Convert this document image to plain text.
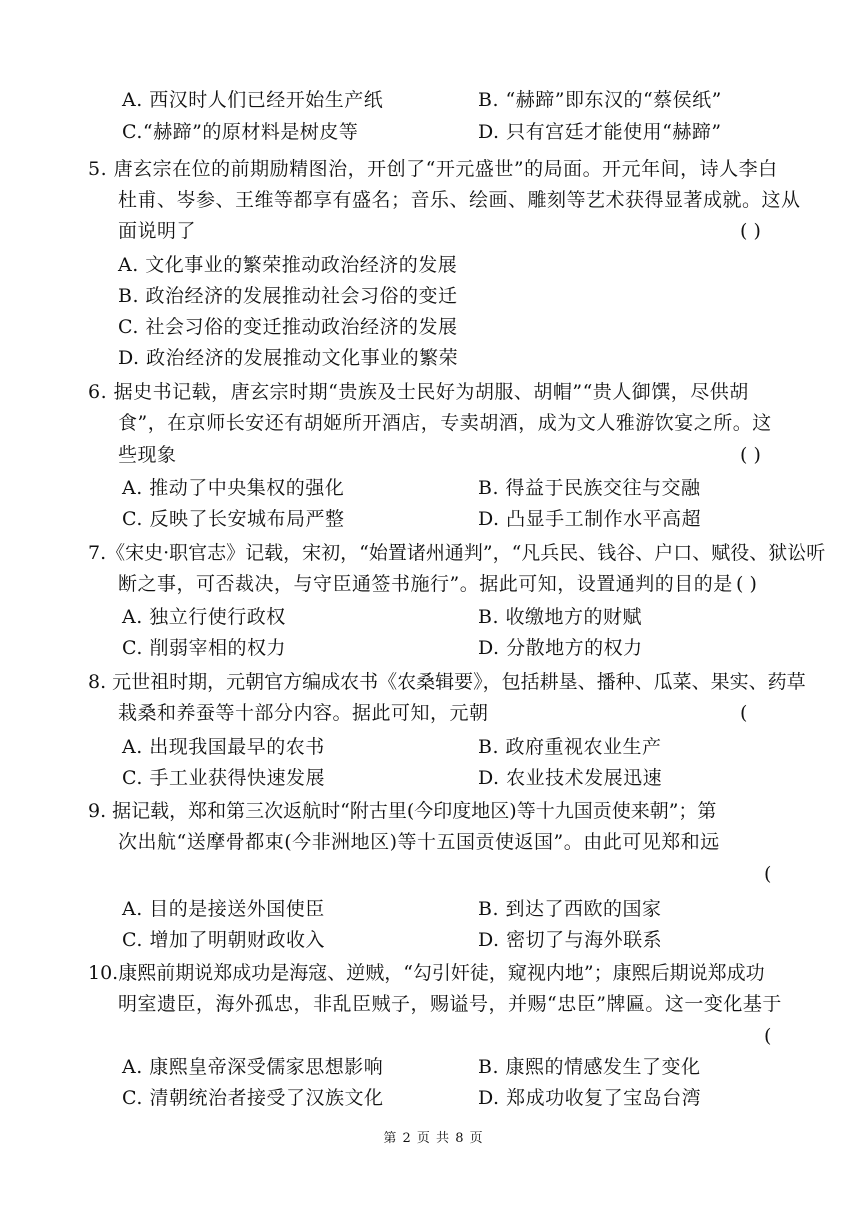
A. 西汉时人们已经开始生产纸	B. “赫蹄”即东汉的“蔡侯纸”
C.“赫蹄”的原材料是树皮等	D. 只有宫廷才能使用“赫蹄”
5. 唐玄宗在位的前期励精图治，开创了“开元盛世”的局面。开元年间，诗人李白
杜甫、岑参、王维等都享有盛名；音乐、绘画、雕刻等艺术获得显著成就。这从
面说明了	( )
A. 文化事业的繁荣推动政治经济的发展
B. 政治经济的发展推动社会习俗的变迁
C. 社会习俗的变迁推动政治经济的发展
D. 政治经济的发展推动文化事业的繁荣
6. 据史书记载，唐玄宗时期“贵族及士民好为胡服、胡帽”“贵人御馔，尽供胡
食”，在京师长安还有胡姬所开酒店，专卖胡酒，成为文人雅游饮宴之所。这
些现象	( )
A. 推动了中央集权的强化	B. 得益于民族交往与交融
C. 反映了长安城布局严整	D. 凸显手工制作水平高超
7.《宋史·职官志》记载，宋初，“始置诸州通判”，“凡兵民、钱谷、户口、赋役、狱讼听
断之事，可否裁决，与守臣通签书施行”。据此可知，设置通判的目的是 ( )
A. 独立行使行政权	B. 收缴地方的财赋
C. 削弱宰相的权力	D. 分散地方的权力
8. 元世祖时期，元朝官方编成农书《农桑辑要》，包括耕垦、播种、瓜菜、果实、药草
栽桑和养蚕等十部分内容。据此可知，元朝	(
A. 出现我国最早的农书	B. 政府重视农业生产
C. 手工业获得快速发展	D. 农业技术发展迅速
9. 据记载，郑和第三次返航时“附古里(今印度地区)等十九国贡使来朝”；第
次出航“送摩骨都束(今非洲地区)等十五国贡使返国”。由此可见郑和远
(
A. 目的是接送外国使臣	B. 到达了西欧的国家
C. 增加了明朝财政收入	D. 密切了与海外联系
10.康熙前期说郑成功是海寇、逆贼，“勾引奸徒，窥视内地”；康熙后期说郑成功
明室遗臣，海外孤忠，非乱臣贼子，赐谥号，并赐“忠臣”牌匾。这一变化基于
(
A. 康熙皇帝深受儒家思想影响	B. 康熙的情感发生了变化
C. 清朝统治者接受了汉族文化	D. 郑成功收复了宝岛台湾
第 2 页 共 8 页
